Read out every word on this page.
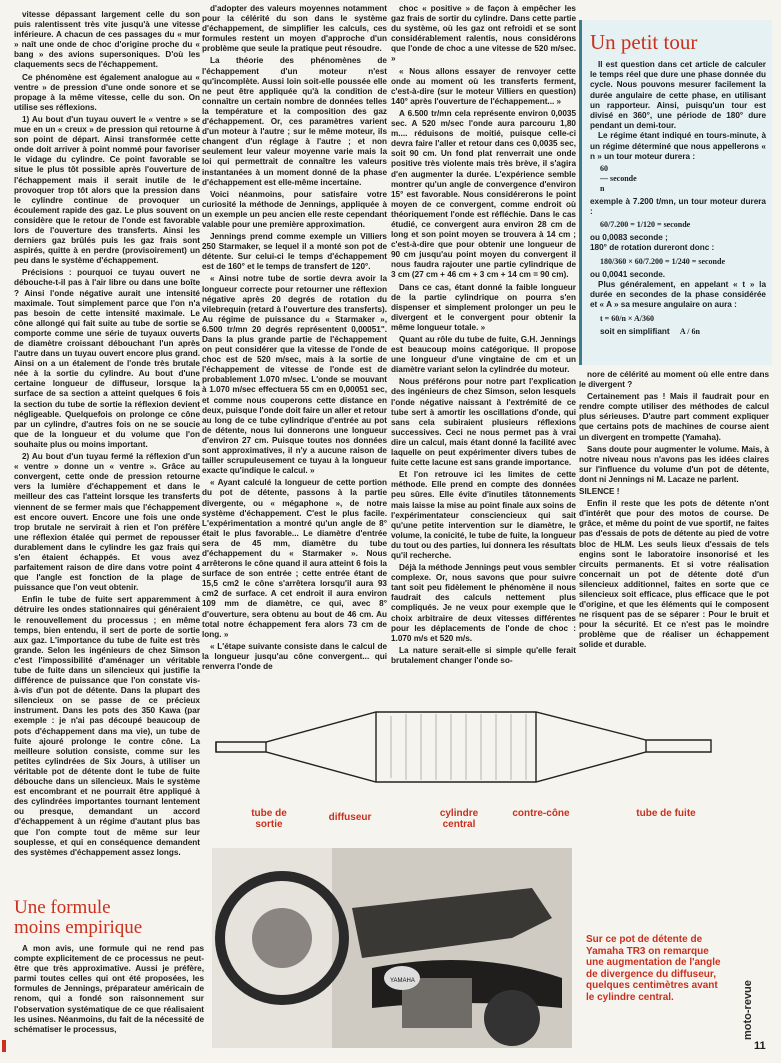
vitesse dépassant largement celle du son puis ralentissent très vite jusqu'à une vitesse inférieure. A chacun de ces passages du « mur » naît une onde de choc d'origine proche du « bang » des avions supersoniques. D'où les claquements secs de l'échappement.

Ce phénomène est également analogue au « ventre » de pression d'une onde sonore et se propage à la même vitesse, celle du son. On utilise ses réflexions.

1) Au bout d'un tuyau ouvert le « ventre » se mue en un « creux » de pression qui retourne à son point de départ. Ainsi transformée cette onde doit arriver à point nommé pour favoriser le vidage du cylindre. Ce point favorable se situe le plus tôt possible après l'ouverture de l'échappement mais il serait inutile de le provoquer trop tôt alors que la pression dans le cylindre continue de provoquer un écoulement rapide des gaz. Le plus souvent on considère que le retour de l'onde est favorable lors de l'ouverture des transferts. Ainsi les derniers gaz brûlés puis les gaz frais sont aspirés, quitte à en perdre (provisoirement) un peu dans le système d'échappement.

Précisions : pourquoi ce tuyau ouvert ne débouche-t-il pas à l'air libre ou dans une boîte ? Ainsi l'onde négative aurait une intensité maximale. Tout simplement parce que l'on n'a pas besoin de cette intensité maximale. Le cône allongé qui fait suite au tube de sortie se comporte comme une série de tuyaux ouverts de diamètre croissant débouchant l'un après l'autre dans un tuyau ouvert encore plus grand. Ainsi on a un étalement de l'onde très brutale née à la sortie du cylindre. Au bout d'une certaine longueur de diffuseur, lorsque la surface de sa section a atteint quelques 6 fois la section du tube de sortie la réflexion devient négligeable. Quelquefois on prolonge ce cône par un cylindre, d'autres fois on ne se soucie que de la longueur et du volume que l'on souhaite plus ou moins important.

2) Au bout d'un tuyau fermé la réflexion d'un « ventre » donne un « ventre ». Grâce au convergent, cette onde de pression retourne vers la lumière d'échappement et dans le meilleur des cas l'atteint lorsque les transferts viennent de se fermer mais que l'échappement est encore ouvert. Encore une fois une onde trop brutale ne servirait à rien et l'on préfère une réflexion étalée qui permet de repousser durablement dans le cylindre les gaz frais qui s'en étaient échappés. Et vous avez parfaitement raison de dire dans votre point 4 que l'angle est fonction de la plage de puissance que l'on veut obtenir.

Enfin le tube de fuite sert apparemment à détruire les ondes stationnaires qui généraient le renouvellement du processus ; en même temps, bien entendu, il sert de porte de sortie aux gaz. L'importance du tube de fuite est très grande. Selon les ingénieurs de chez Simson c'est l'impossibilité d'aménager un véritable tube de fuite dans un silencieux qui justifie la différence de puissance que l'on constate vis-à-vis d'un pot de détente. Dans la plupart des silencieux on se passe de ce précieux instrument. Dans les pots des 350 Kawa (par exemple : je n'ai pas découpé beaucoup de pots d'échappement dans ma vie), un tube de fuite ajouré prolonge le contre cône. La meilleure solution consiste, comme sur les petites cylindrées de Six Jours, à utiliser un véritable pot de détente dont le tube de fuite débouche dans un silencieux. Mais le système est encombrant et ne pourrait être appliqué à des cylindrées importantes tournant lentement ou presque, demandant un accord d'échappement à un régime d'autant plus bas que l'on compte tout de même sur leur souplesse, et qui en conséquence demandent des systèmes d'échappement assez longs.

d'adopter des valeurs moyennes notamment pour la célérité du son dans le système d'échappement, de simplifier les calculs, ces formules restent un moyen d'approche d'un problème que seule la pratique peut résoudre.

La théorie des phénomènes de l'échappement d'un moteur n'est qu'incomplète. Aussi loin soit-elle poussée elle ne peut être appliquée qu'à la condition de connaître un certain nombre de données telles la température et la composition des gaz d'échappement. Or, ces paramètres varient d'un moteur à l'autre ; sur le même moteur, ils changent d'un réglage à l'autre ; et non seulement leur valeur moyenne varie mais la loi qui permettrait de connaître les valeurs instantanées à un moment donné de la phase d'échappement est elle-même incertaine.

Voici néanmoins, pour satisfaire votre curiosité la méthode de Jennings, appliquée à un exemple un peu ancien elle reste cependant valable pour une première approximation.

Jennings prend comme exemple un Villiers 250 Starmaker, se lequel il a monté son pot de détente. Sur celui-ci le temps d'échappement est de 160° et le temps de transfert de 120°.

« Ainsi notre tube de sortie devra avoir la longueur correcte pour retourner une réflexion négative après 20 degrés de rotation du vilebrequin (retard à l'ouverture des transferts). Au régime de puissance du « Starmaker », 6.500 tr/mn 20 degrés représentent 0,00051". Dans la plus grande partie de l'échappement on peut considérer que la vitesse de l'onde de choc est de 520 m/sec, mais à la sortie de l'échappement de vitesse de l'onde est de probablement 1.070 m/sec. L'onde se mouvant à 1.070 m/sec effectuera 55 cm en 0,00051 sec, et comme nous couperons cette distance en deux, puisque l'onde doit faire un aller et retour au long de ce tube cylindrique d'entrée au pot de détente, nous lui donnerons une longueur d'environ 27 cm. Puisque toutes nos données sont approximatives, il n'y a aucune raison de tailler scrupuleusement ce tuyau à la longueur exacte qu'indique le calcul. »

« Ayant calculé la longueur de cette portion du pot de détente, passons à la partie divergente, ou « mégaphone », de notre système d'échappement. C'est le plus facile. L'expérimentation a montré qu'un angle de 8° était le plus favorable... Le diamètre d'entrée sera de 45 mm, diamètre du tube d'échappement du « Starmaker ». Nous arrêterons le cône quand il aura atteint 6 fois la surface de son entrée ; cette entrée étant de 15,5 cm2 le cône s'arrêtera lorsqu'il aura 93 cm2 de surface. A cet endroit il aura environ 109 mm de diamètre, ce qui, avec 8° d'ouverture, sera obtenu au bout de 46 cm. Au total notre échappement fera alors 73 cm de long. »

« L'étape suivante consiste dans le calcul de la longueur jusqu'au cône convergent... qui renverra l'onde de

choc « positive » de façon à empêcher les gaz frais de sortir du cylindre. Dans cette partie du système, où les gaz ont refroidi et se sont considérablement ralentis, nous considérons que l'onde de choc a une vitesse de 520 m/sec. »

« Nous allons essayer de renvoyer cette onde au moment où les transferts ferment, c'est-à-dire (sur le moteur Villiers en question) 140° après l'ouverture de l'échappement... »

A 6.500 tr/mn cela représente environ 0,0035 sec. A 520 m/sec l'onde aura parcouru 1,80 m.... réduisons de moitié, puisque celle-ci devra faire l'aller et retour dans ces 0,0035 sec, soit 90 cm. Un fond plat renverrait une onde positive très violente mais très brève, il s'agira d'en augmenter la durée. L'expérience semble montrer qu'un angle de convergence d'environ 15° est favorable. Nous considérerons le point moyen de ce convergent, comme endroit où théoriquement l'onde est réfléchie. Dans le cas étudié, ce convergent aura environ 28 cm de long et son point moyen se trouvera à 14 cm ; c'est-à-dire que pour obtenir une longueur de 90 cm jusqu'au point moyen du convergent il nous faudra rajouter une partie cylindrique de 3 cm (27 cm + 46 cm + 3 cm + 14 cm = 90 cm).

Dans ce cas, étant donné la faible longueur de la partie cylindrique on pourra s'en dispenser et simplement prolonger un peu le divergent et le convergent pour obtenir la même longueur totale. »

Quant au rôle du tube de fuite, G.H. Jennings est beaucoup moins catégorique. Il propose une longueur d'une vingtaine de cm et un diamètre variant selon la cylindrée du moteur.

Nous préférons pour notre part l'explication des ingénieurs de chez Simson, selon lesquels l'onde négative naissant à l'extrémité de ce tube sert à amortir les oscillations d'onde, qui sans cela subiraient plusieurs réflexions successives. Ceci ne nous permet pas à vrai dire un calcul, mais étant donné la facilité avec laquelle on peut expérimenter divers tubes de fuite cette lacune est sans grande importance.

Et l'on retrouve ici les limites de cette méthode. Elle prend en compte des données peu sûres. Elle évite d'inutiles tâtonnements mais laisse la mise au point finale aux soins de l'expérimentateur consciencieux qui sait qu'une petite intervention sur le diamètre, le volume, la conicité, le tube de fuite, la longueur du tout ou des parties, lui donnera les résultats qu'il recherche.

Déjà la méthode Jennings peut vous sembler complexe. Or, nous savons que pour suivre tant soit peu fidèlement le phénomène il nous faudrait des calculs nettement plus compliqués. Je ne veux pour exemple que le choix arbitraire de deux vitesses différentes pour les déplacements de l'onde de choc : 1.070 m/s et 520 m/s.

La nature serait-elle si simple qu'elle ferait brutalement changer l'onde so-

Un petit tour
Il est question dans cet article de calculer le temps réel que dure une phase donnée du cycle. Nous pouvons mesurer facilement la durée angulaire de cette phase, en utilisant un rapporteur. Ainsi, puisqu'un tour est divisé en 360°, une période de 180° dure pendant un demi-tour.
Le régime étant indiqué en tours-minute, à un régime déterminé que nous appellerons « n » un tour moteur durera :
60
— seconde
n
exemple à 7.200 t/mn, un tour moteur durera :
60/7.200 = 1/120 = seconde
ou 0,0083 seconde ;
180° de rotation dureront donc :
180/360 × 60/7.200 = 1/240 = seconde
ou 0,0041 seconde.
Plus généralement, en appelant « t » la durée en secondes de la phase considérée et « A » sa mesure angulaire on aura :
t = 60/n × A/360
soit en simplifiant A / 6n

nore de célérité au moment où elle entre dans le divergent ?

Certainement pas ! Mais il faudrait pour en rendre compte utiliser des méthodes de calcul plus sérieuses. D'autre part comment expliquer que certains pots de machines de course aient un divergent en trompette (Yamaha).

Sans doute pour augmenter le volume. Mais, à notre niveau nous n'avons pas les idées claires sur l'influence du volume d'un pot de détente, dont ni Jennings ni M. Lacaze ne parlent.

SILENCE !

Enfin il reste que les pots de détente n'ont d'intérêt que pour des motos de course. De grâce, et même du point de vue sportif, ne faites pas d'essais de pots de détente au pied de votre bloc de HLM. Les seuls lieux d'essais de tels engins sont le laboratoire insonorisé et les circuits permanents. Et si votre réalisation concernait un pot de détente doté d'un silencieux additionnel, faites en sorte que ce silencieux soit efficace, plus efficace que le pot d'origine, et que les éléments qui le composent ne risquent pas de se séparer : Pour le bruit et pour la sécurité. Et ce n'est pas le moindre problème que de réaliser un échappement solide et durable.

tube de sortie
diffuseur	cylindre central
contre-cône	tube de fuite
YAMAHA
Sur ce pot de détente de Yamaha TR3 on remarque une augmentation de l'angle de divergence du diffuseur, quelques centimètres avant le cylindre central.
Une formule
moins empirique

A mon avis, une formule qui ne rend pas compte explicitement de ce processus ne peut-être que très approximative. Aussi je préfère, parmi toutes celles qui ont été proposées, les formules de Jennings, préparateur américain de renom, qui a fondé son raisonnement sur l'observation systématique de ce que réalisaient les usines. Néanmoins, du fait de la nécessité de schématiser le processus,	moto-revue
11
